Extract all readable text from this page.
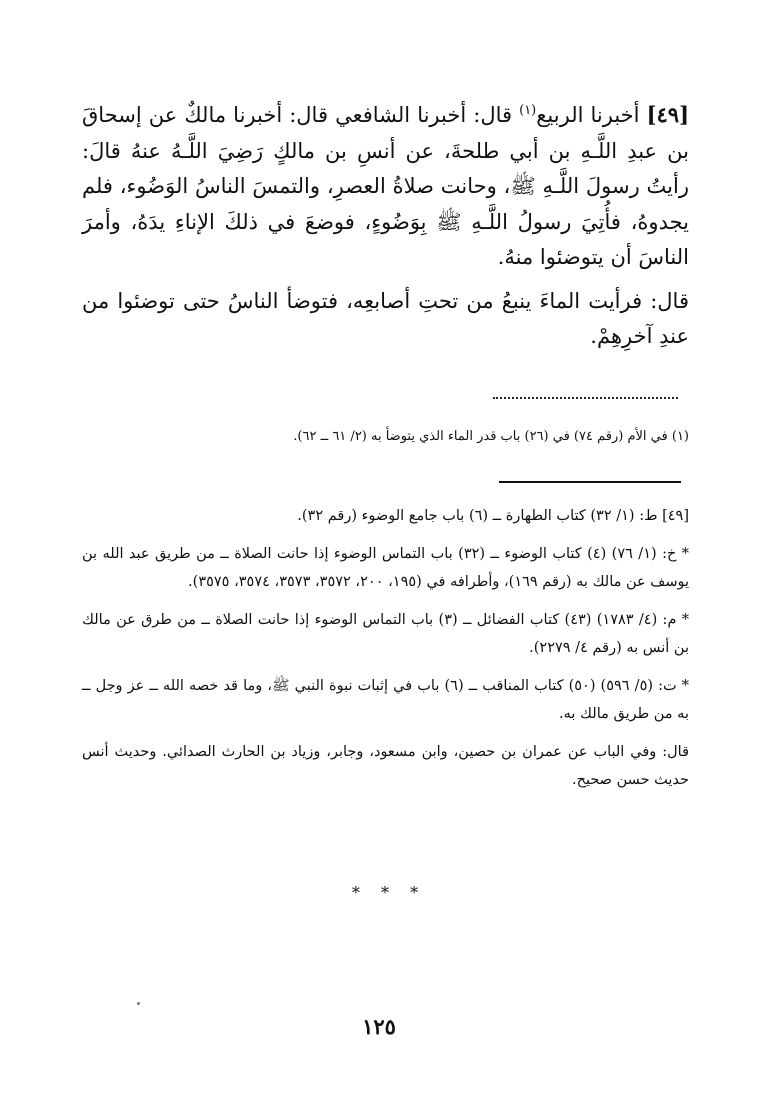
[٤٩] أخبرنا الربيع$^{(١)}$ قال: أخبرنا الشافعي قال: أخبرنا مالكٌ عن إسحاقَ بن عبدِ اللَّـهِ بن أبي طلحةَ، عن أنسِ بن مالكٍ رَضِيَ اللَّـهُ عنهُ قالَ: رأيتُ رسولَ اللَّـهِ ﷺ، وحانت صلاةُ العصرِ، والتمسَ الناسُ الوَضُوء، فلم يجدوهُ، فأُتِيَ رسولُ اللَّـهِ ﷺ بِوَضُوءٍ، فوضعَ في ذلكَ الإناءِ يدَهُ، وأمرَ الناسَ أن يتوضئوا منهُ.

قال: فرأيت الماءَ ينبعُ من تحتِ أصابعِه، فتوضأ الناسُ حتى توضئوا من عندِ آخرِهِمْ.

(١) في الأم (رقم ٧٤) في (٢٦) باب قدر الماء الذي يتوضأ به (٢/ ٦١ ــ ٦٢).

[٤٩] ط: (١/ ٣٢) كتاب الطهارة ــ (٦) باب جامع الوضوء (رقم ٣٢).

* خ: (١/ ٧٦) (٤) كتاب الوضوء ــ (٣٢) باب التماس الوضوء إذا حانت الصلاة ــ من طريق عبد الله بن يوسف عن مالك به (رقم ١٦٩)، وأطرافه في (١٩٥، ٢٠٠، ٣٥٧٢، ٣٥٧٣، ٣٥٧٤، ٣٥٧٥).

* م: (٤/ ١٧٨٣) (٤٣) كتاب الفضائل ــ (٣) باب التماس الوضوء إذا حانت الصلاة ــ من طرق عن مالك بن أنس به (رقم ٤/ ٢٢٧٩).

* ت: (٥/ ٥٩٦) (٥٠) كتاب المناقب ــ (٦) باب في إثبات نبوة النبي ﷺ، وما قد خصه الله ــ عز وجل ــ به من طريق مالك به.

قال: وفي الباب عن عمران بن حصين، وابن مسعود، وجابر، وزياد بن الحارث الصدائي. وحديث أنس حديث حسن صحيح.

* * *
١٢٥
